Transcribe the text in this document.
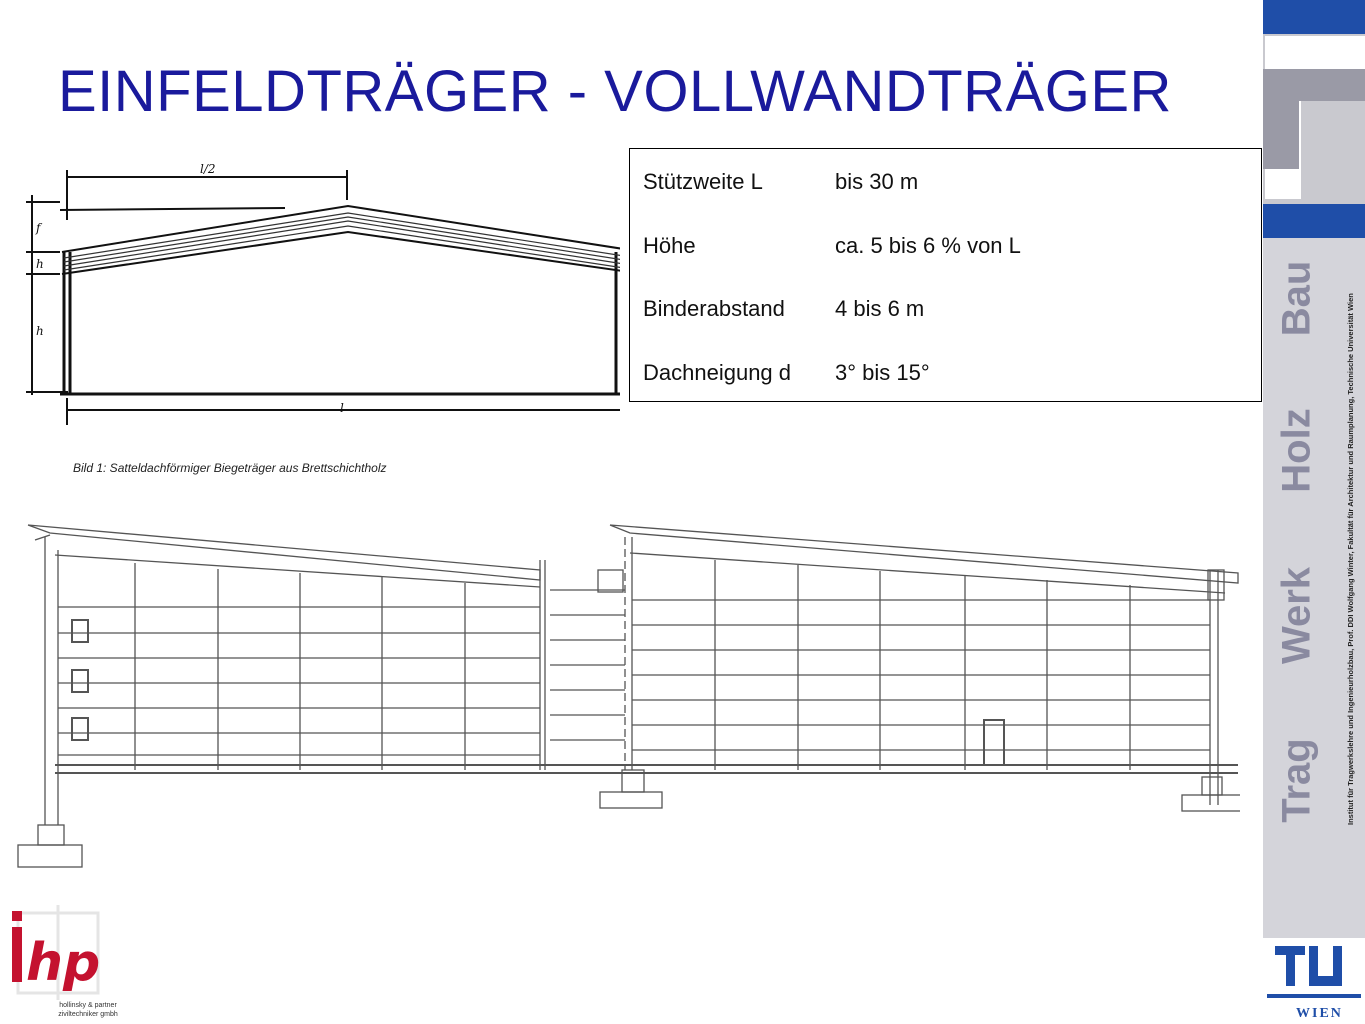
EINFELDTRÄGER - VOLLWANDTRÄGER
l/2
f
h
h
l
Stützweite L	bis 30 m
Höhe	ca. 5 bis 6 % von L
Binderabstand 4 bis 6 m
Dachneigung d 3° bis 15°
Bild 1: Satteldachförmiger Biegeträger aus Brettschichtholz
hp
hollinsky & partner
ziviltechniker gmbh
Bau
Holz
Werk
Trag	Institut für Tragwerkslehre und Ingenieurholzbau, Prof. DDI Wolfgang Winter, Fakultät für Architektur und Raumplanung, Technische Universität Wien
WIEN
